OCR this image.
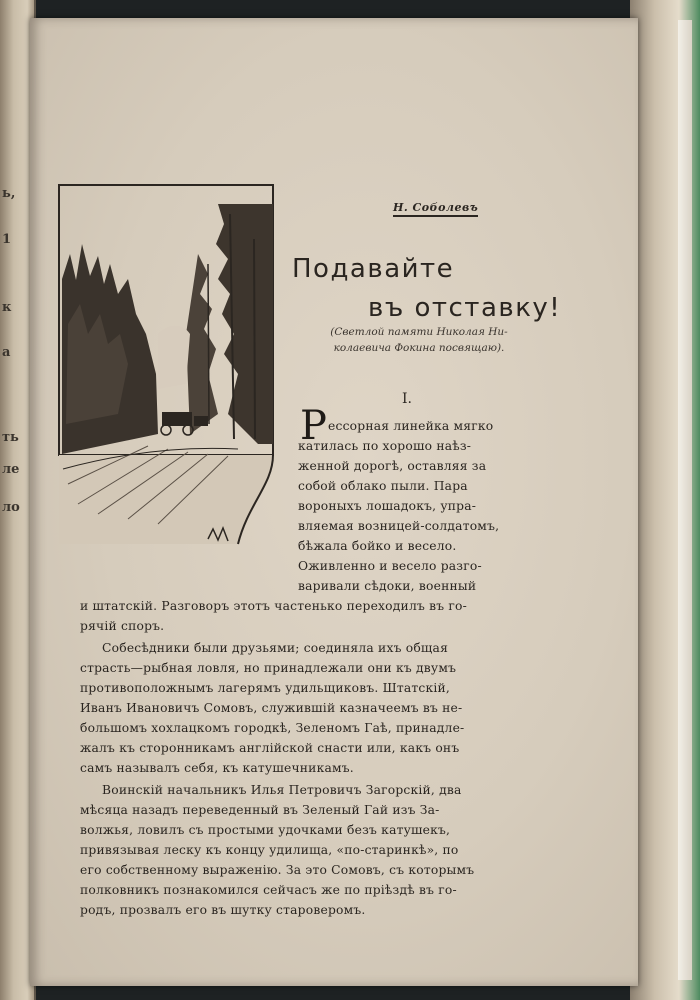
ь,
1
к
а
ть
ле
ло
Н. Соболевъ
Подавайте
въ отставку!
(Светлой памяти Николая Ни-
колаевича Фокина посвящаю).
I.
Р ессорная линейка мягко
катилась по хорошо наѣз-
женной дорогѣ, оставляя за
собой облако пыли. Пара
вороныхъ лошадокъ, упра-
вляемая возницей-солдатомъ,
бѣжала бойко и весело.
Оживленно и весело разго-
варивали сѣдоки, военный
и штатскій. Разговоръ этотъ частенько переходилъ въ го-
рячій споръ.
Собесѣдники были друзьями; соединяла ихъ общая
страсть—рыбная ловля, но принадлежали они къ двумъ
противоположнымъ лагерямъ удильщиковъ. Штатскій,
Иванъ Ивановичъ Сомовъ, служившій казначеемъ въ не-
большомъ хохлацкомъ городкѣ, Зеленомъ Гаѣ, принадле-
жалъ къ сторонникамъ англійской снасти или, какъ онъ
самъ называлъ себя, къ катушечникамъ.
Воинскій начальникъ Илья Петровичъ Загорскій, два
мѣсяца назадъ переведенный въ Зеленый Гай изъ За-
волжья, ловилъ съ простыми удочками безъ катушекъ,
привязывая леску къ концу удилища, «по-старинкѣ», по
его собственному выраженію. За это Сомовъ, съ которымъ
полковникъ познакомился сейчасъ же по пріѣздѣ въ го-
родъ, прозвалъ его въ шутку староверомъ.
